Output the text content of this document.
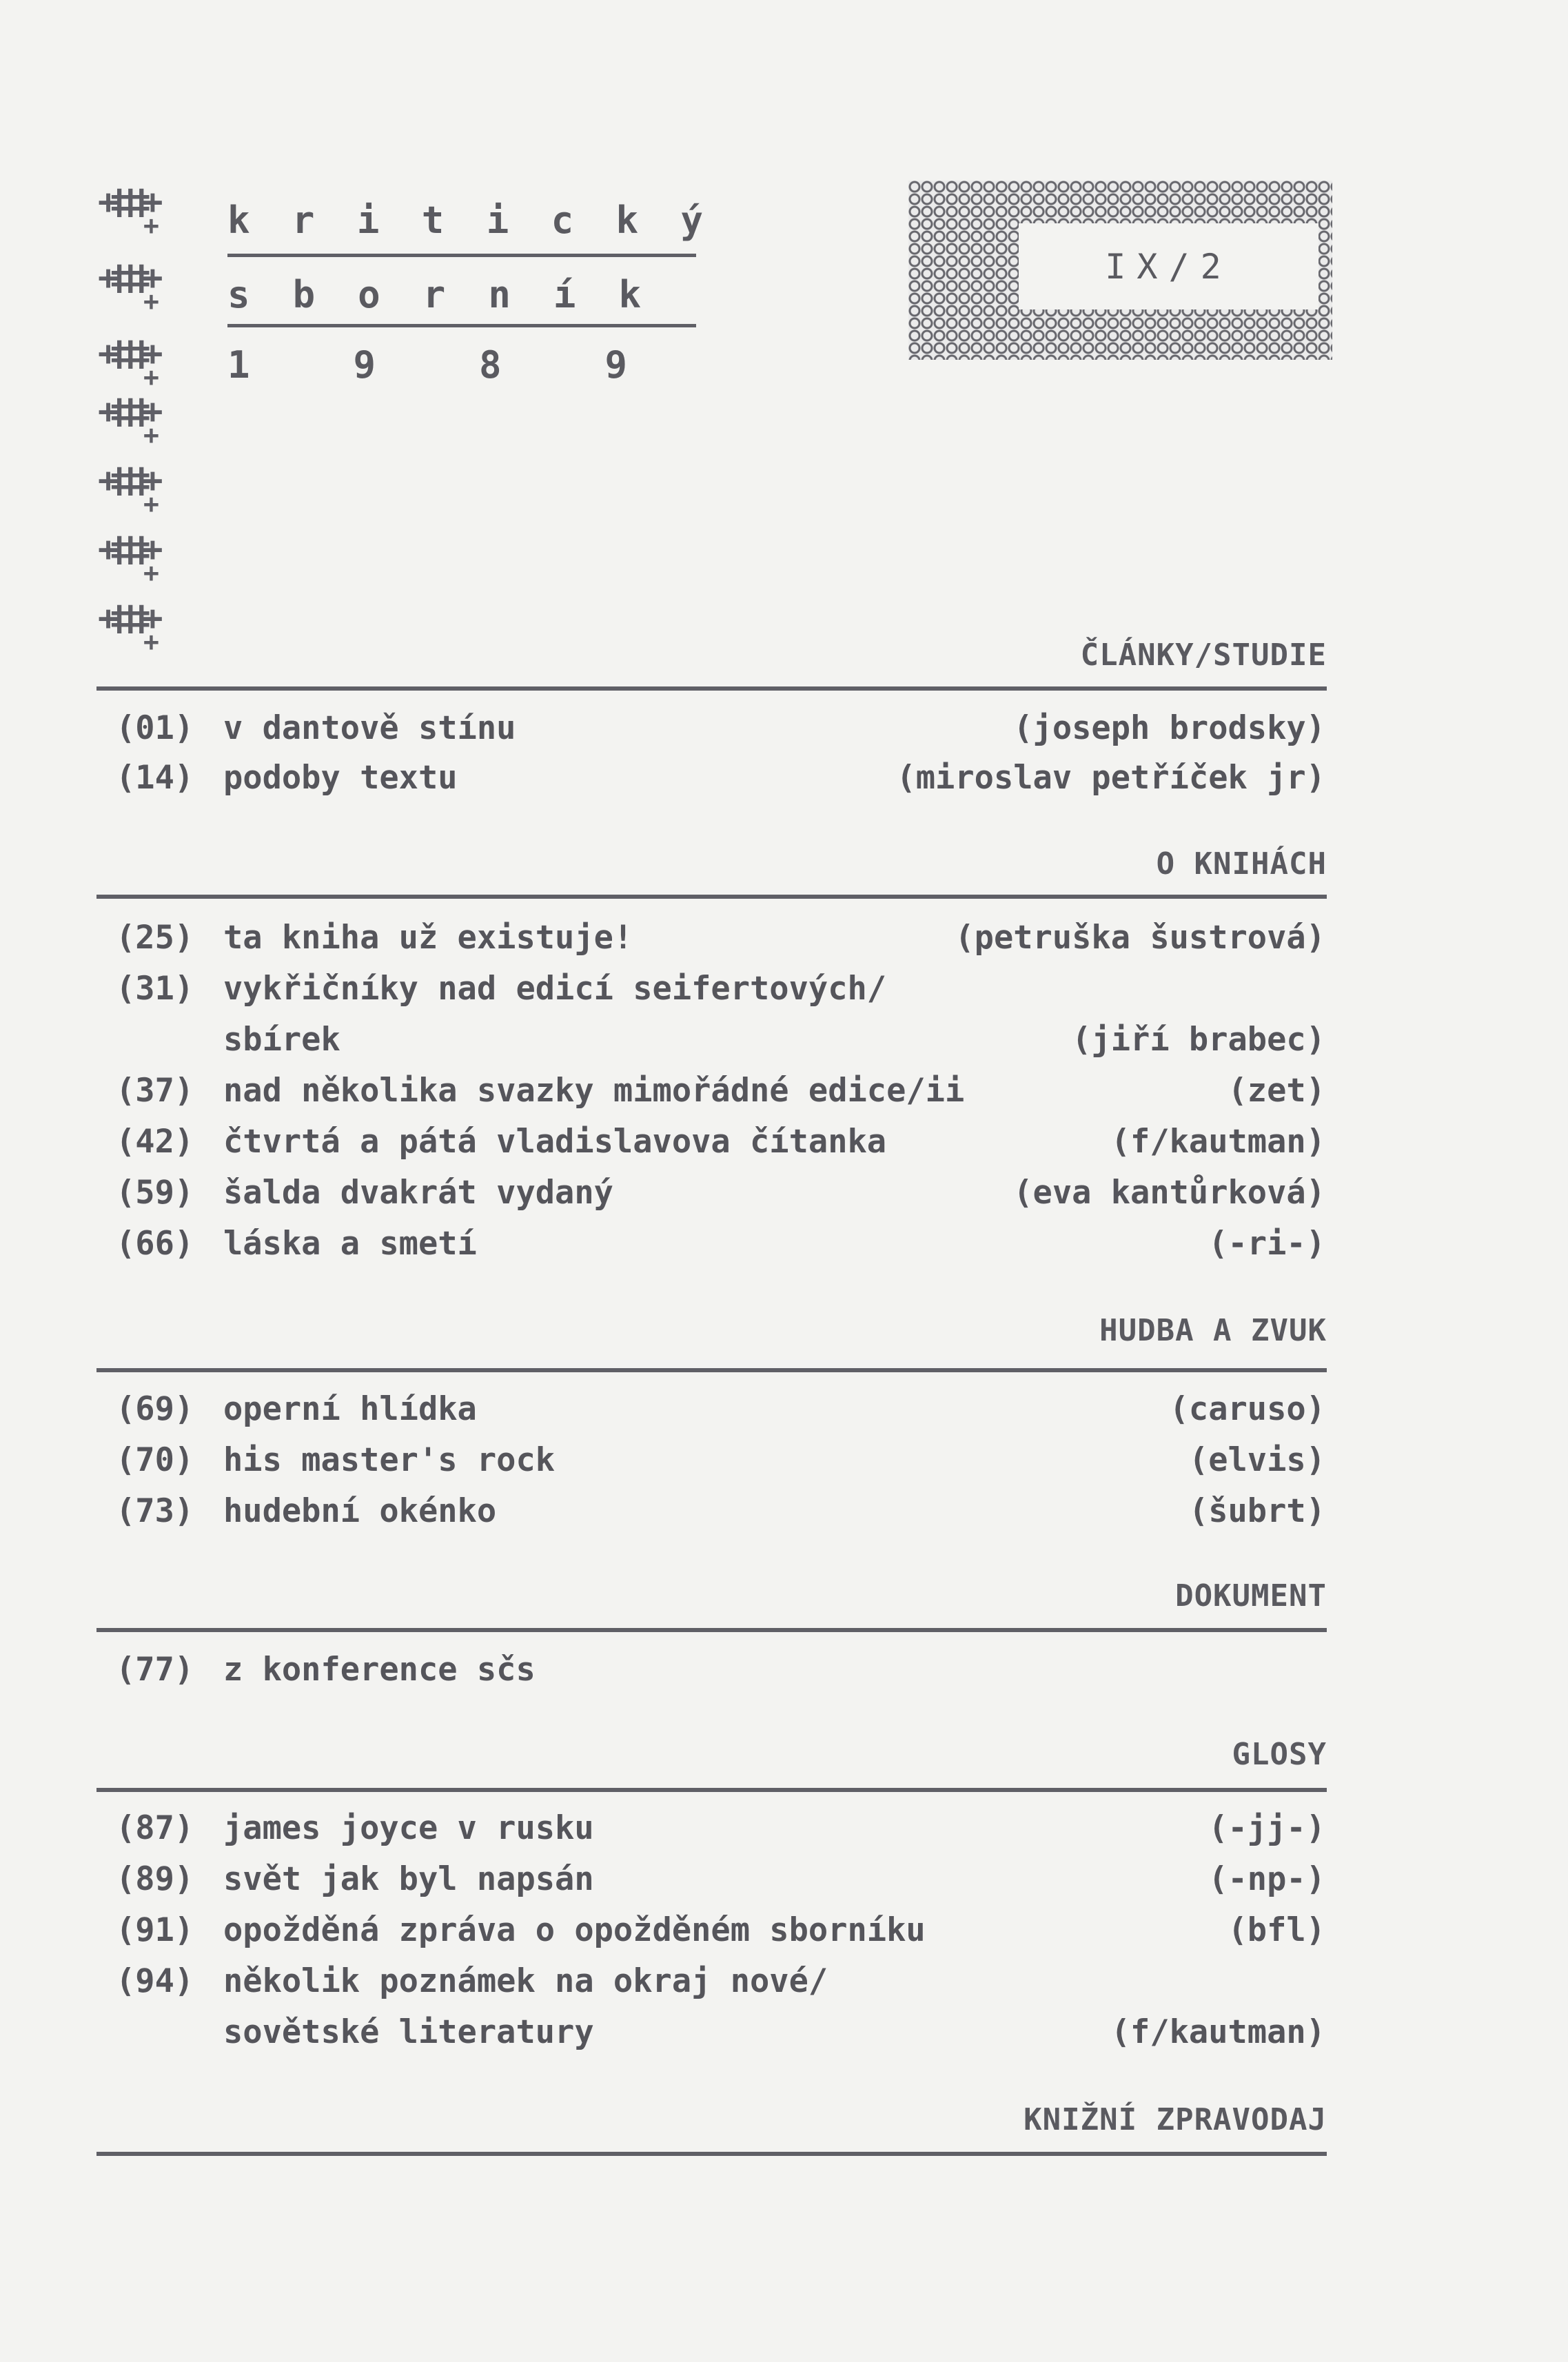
+‡‡‡+ +
+‡‡‡+ +
+‡‡‡+ +
+‡‡‡+ +
+‡‡‡+ +
+‡‡‡+ +
+‡‡‡+ +
k r i t i c k ý
s b o r n í k
1	9	8	9
IX/2
ČLÁNKY/STUDIE
(01) v dantově stínu	(joseph brodsky)
(14) podoby textu	(miroslav petříček jr)
O KNIHÁCH
(25) ta kniha už existuje!	(petruška šustrová)
(31) vykřičníky nad edicí seifertových/
sbírek	(jiří brabec)
(37) nad několika svazky mimořádné edice/ii	(zet)
(42) čtvrtá a pátá vladislavova čítanka	(f/kautman)
(59) šalda dvakrát vydaný	(eva kantůrková)
(66) láska a smetí	(-ri-)
HUDBA A ZVUK
(69) operní hlídka	(caruso)
(70) his master's rock	(elvis)
(73) hudební okénko	(šubrt)
DOKUMENT
(77) z konference sčs
GLOSY
(87) james joyce v rusku	(-jj-)
(89) svět jak byl napsán	(-np-)
(91) opožděná zpráva o opožděném sborníku	(bfl)
(94) několik poznámek na okraj nové/
sovětské literatury	(f/kautman)
KNIŽNÍ ZPRAVODAJ
